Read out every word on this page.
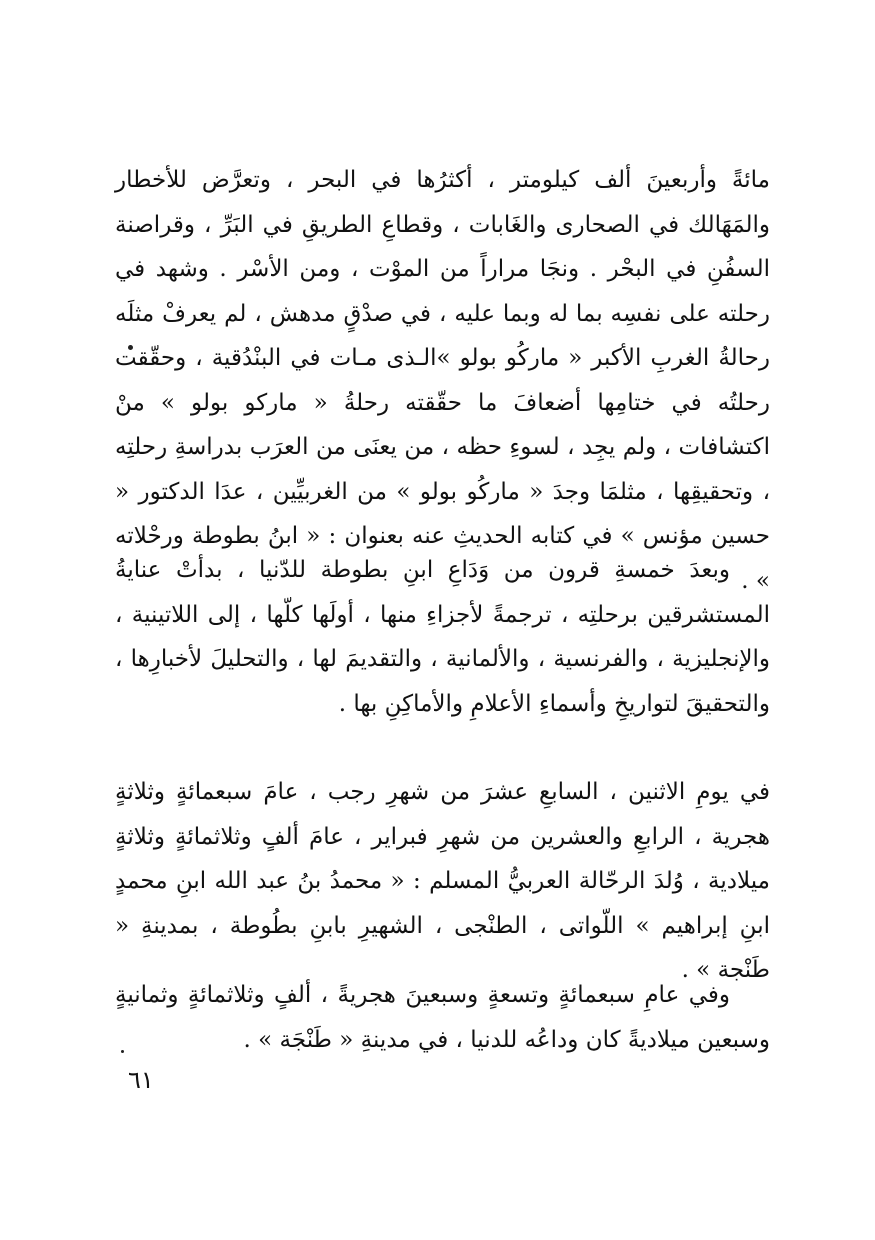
مائةً وأربعينَ ألف كيلومتر ، أكثرُها في البحر ، وتعرَّض للأخطار والمَهَالك في الصحارى والغَابات ، وقطاعِ الطريقِ في البَرِّ ، وقراصنة السفُنِ في البحْر . ونجَا مراراً من الموْت ، ومن الأسْر . وشهد في رحلته على نفسِه بما له وبما عليه ، في صدْقٍ مدهش ، لم يعرفْ مثلَه رحالةُ الغربِ الأكبر « ماركُو بولو »الـذى مـات في البنْدُقية ، وحقّقت رحلتُه في ختامِها أضعافَ ما حقّقته رحلةُ « ماركو بولو » منْ اكتشافات ، ولم يجِد ، لسوءِ حظه ، من يعنَى من العرَب بدراسةِ رحلتِه ، وتحقيقِها ، مثلمَا وجدَ « ماركُو بولو » من الغربيِّين ، عدَا الدكتور « حسين مؤنس » في كتابه الحديثِ عنه بعنوان : « ابنُ بطوطة ورحْلاته » .

وبعدَ خمسةِ قرون من وَدَاعِ ابنِ بطوطة للدّنيا ، بدأتْ عنايةُ المستشرقين برحلتِه ، ترجمةً لأجزاءِ منها ، أولَها كلّها ، إلى اللاتينية ، والإنجليزية ، والفرنسية ، والألمانية ، والتقديمَ لها ، والتحليلَ لأخبارِها ، والتحقيقَ لتواريخِ وأسماءِ الأعلامِ والأماكِنِ بها .

في يومِ الاثنين ، السابعِ عشرَ من شهرِ رجب ، عامَ سبعمائةٍ وثلاثةٍ هجرية ، الرابعِ والعشرين من شهرِ فبراير ، عامَ ألفٍ وثلاثمائةٍ وثلاثةٍ ميلادية ، وُلدَ الرحّالة العربيُّ المسلم : « محمدُ بنُ عبد الله ابنِ محمدٍ ابنِ إبراهيم » اللّواتى ، الطنْجى ، الشهيرِ بابنِ بطُوطة ، بمدينةِ « طَنْجة » .

وفي عامِ سبعمائةٍ وتسعةٍ وسبعينَ هجريةً ، ألفٍ وثلاثمائةٍ وثمانيةٍ وسبعين ميلاديةً كان وداعُه للدنيا ، في مدينةِ « طَنْجَة » .

٦١
